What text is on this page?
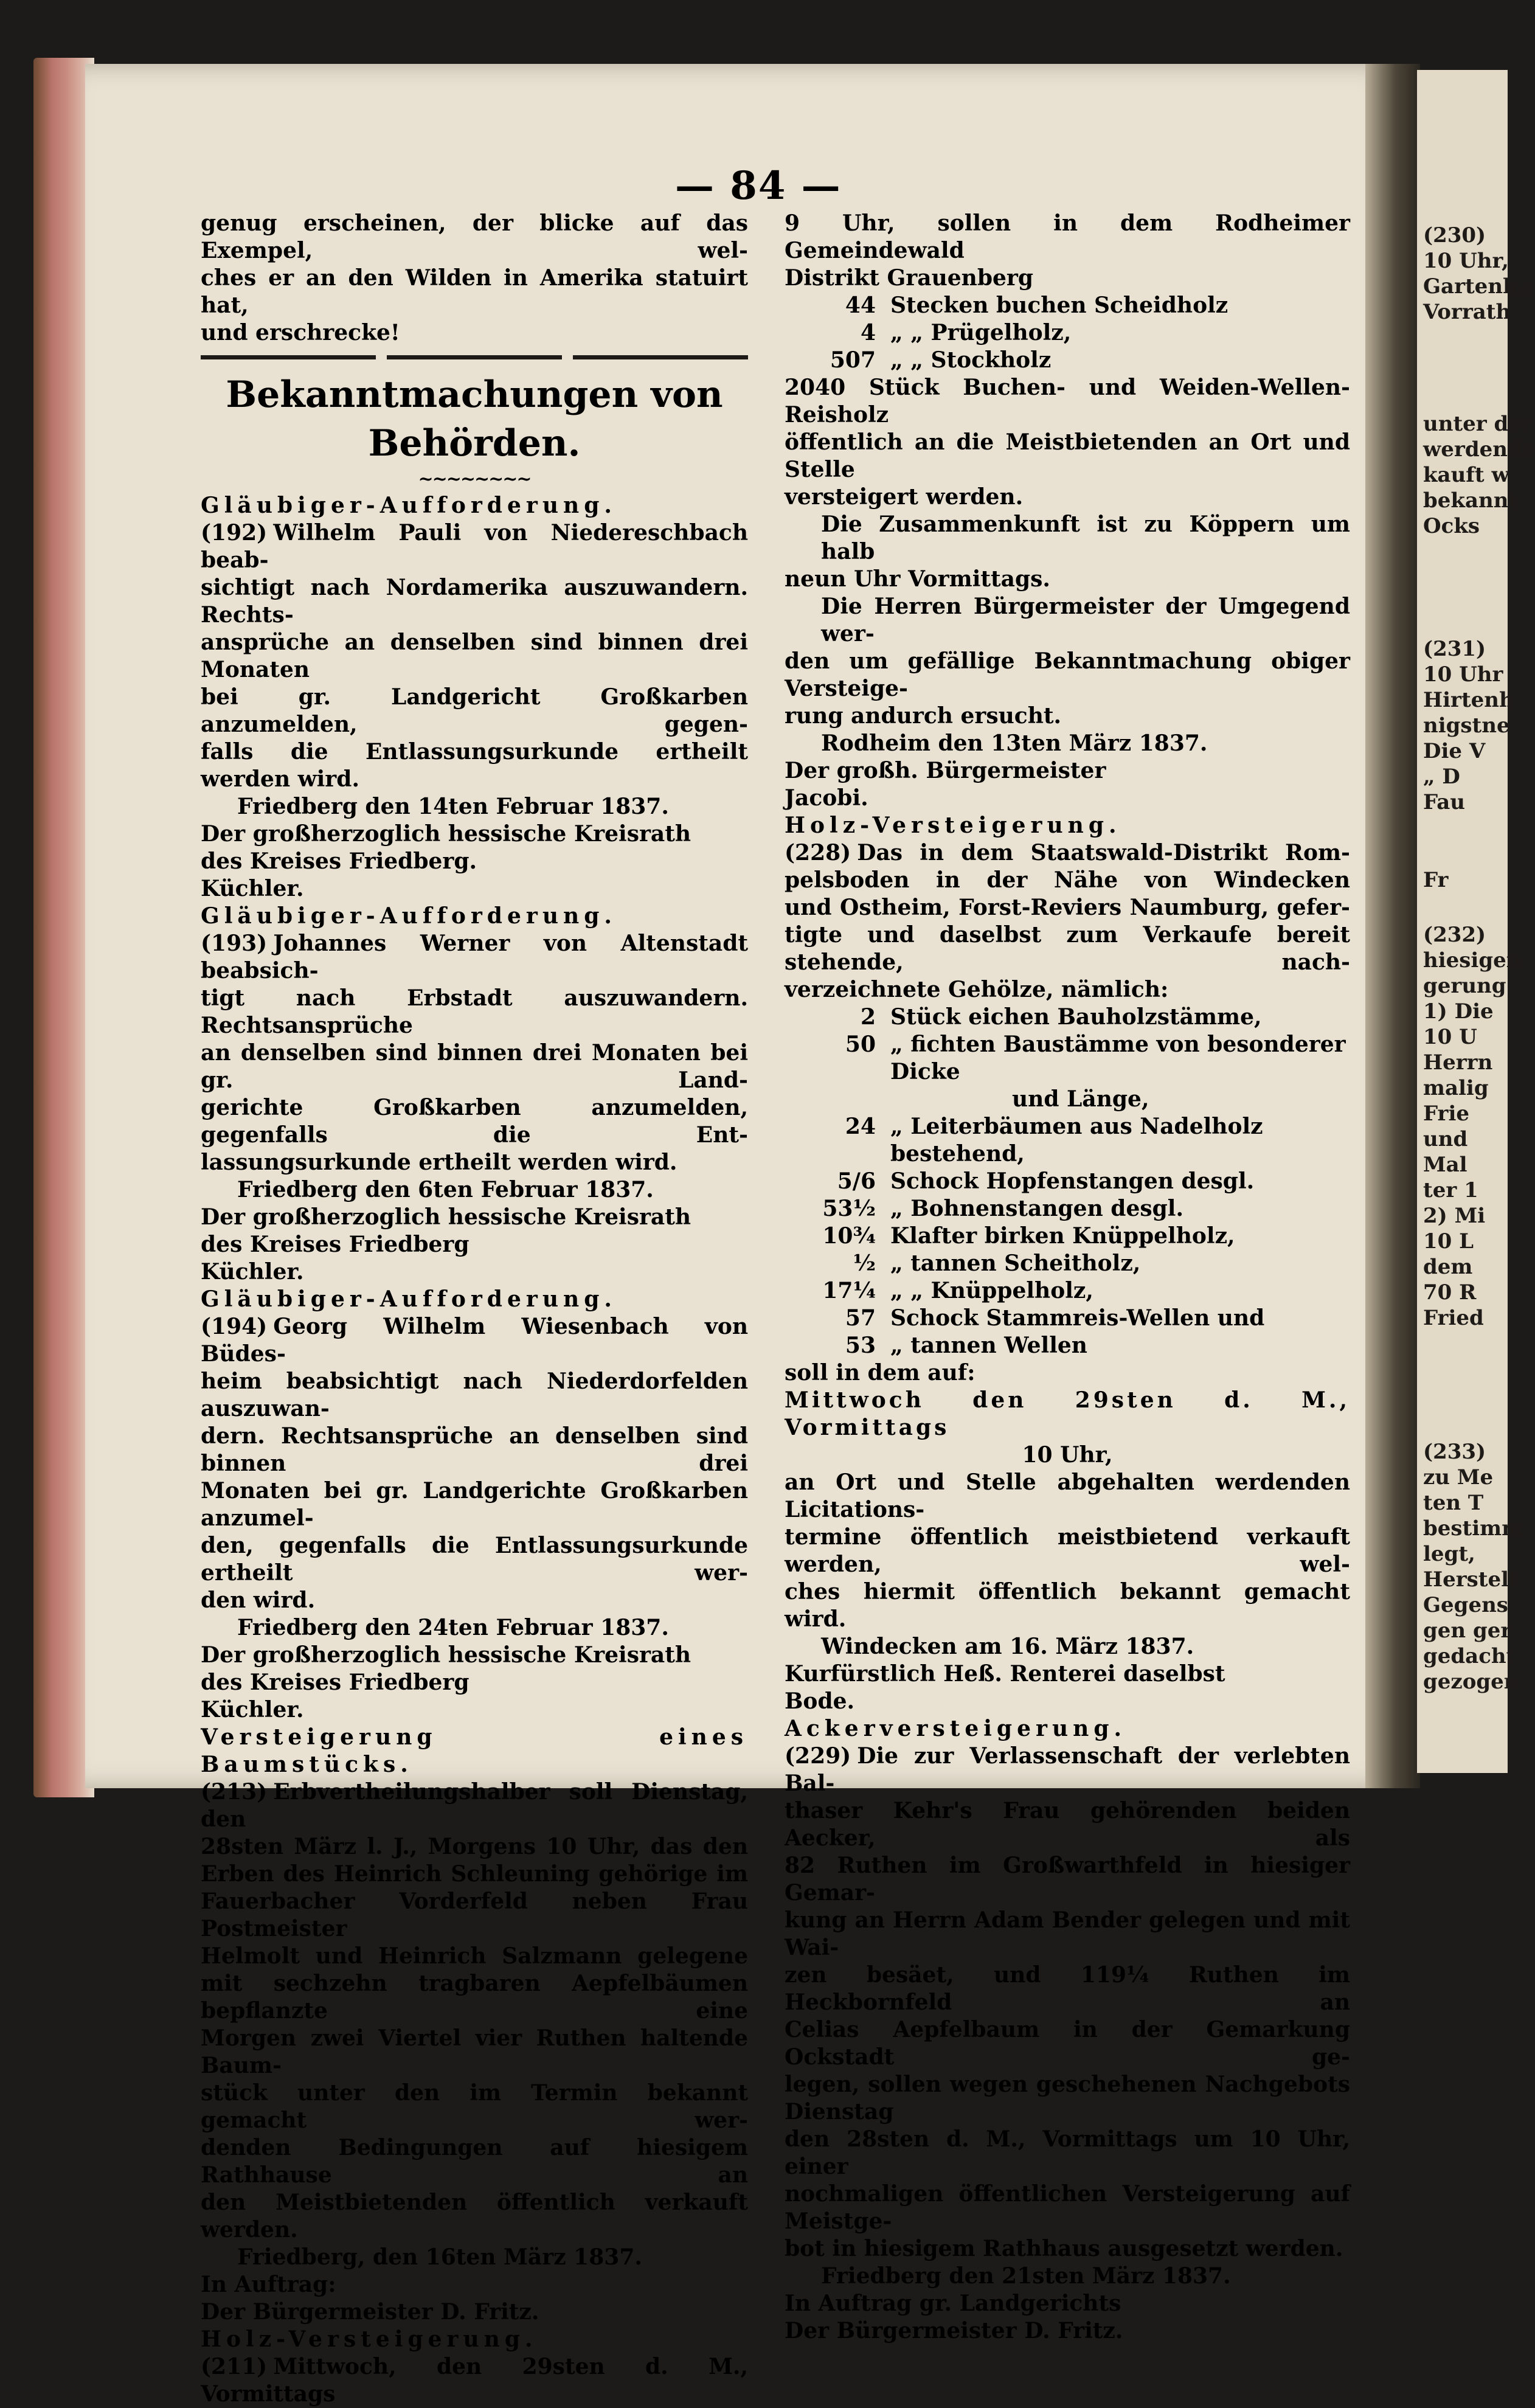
— 84 —

genug erscheinen, der blicke auf das Exempel, wel-

ches er an den Wilden in Amerika statuirt hat,

und erschrecke!

Bekanntmachungen von Behörden.
~~~~~~~~

Gläubiger-Aufforderung.

(192) Wilhelm Pauli von Niedereschbach beab-

sichtigt nach Nordamerika auszuwandern. Rechts-

ansprüche an denselben sind binnen drei Monaten

bei gr. Landgericht Großkarben anzumelden, gegen-

falls die Entlassungsurkunde ertheilt werden wird.

Friedberg den 14ten Februar 1837.

Der großherzoglich hessische Kreisrath

des Kreises Friedberg.

Küchler.

Gläubiger-Aufforderung.

(193) Johannes Werner von Altenstadt beabsich-

tigt nach Erbstadt auszuwandern. Rechtsansprüche

an denselben sind binnen drei Monaten bei gr. Land-

gerichte Großkarben anzumelden, gegenfalls die Ent-

lassungsurkunde ertheilt werden wird.

Friedberg den 6ten Februar 1837.

Der großherzoglich hessische Kreisrath

des Kreises Friedberg

Küchler.

Gläubiger-Aufforderung.

(194) Georg Wilhelm Wiesenbach von Büdes-

heim beabsichtigt nach Niederdorfelden auszuwan-

dern. Rechtsansprüche an denselben sind binnen drei

Monaten bei gr. Landgerichte Großkarben anzumel-

den, gegenfalls die Entlassungsurkunde ertheilt wer-

den wird.

Friedberg den 24ten Februar 1837.

Der großherzoglich hessische Kreisrath

des Kreises Friedberg

Küchler.

Versteigerung eines Baumstücks.

(213) Erbvertheilungshalber soll Dienstag, den

28sten März l. J., Morgens 10 Uhr, das den

Erben des Heinrich Schleuning gehörige im

Fauerbacher Vorderfeld neben Frau Postmeister

Helmolt und Heinrich Salzmann gelegene

mit sechzehn tragbaren Aepfelbäumen bepflanzte eine

Morgen zwei Viertel vier Ruthen haltende Baum-

stück unter den im Termin bekannt gemacht wer-

denden Bedingungen auf hiesigem Rathhause an

den Meistbietenden öffentlich verkauft werden.

Friedberg, den 16ten März 1837.

In Auftrag:

Der Bürgermeister D. Fritz.

Holz-Versteigerung.

(211) Mittwoch, den 29sten d. M., Vormittags

9 Uhr, sollen in dem Rodheimer Gemeindewald

Distrikt Grauenberg

44 Stecken buchen Scheidholz
4 „ „ Prügelholz,
507 „ „ Stockholz

2040 Stück Buchen- und Weiden-Wellen-Reisholz

öffentlich an die Meistbietenden an Ort und Stelle

versteigert werden.

Die Zusammenkunft ist zu Köppern um halb

neun Uhr Vormittags.

Die Herren Bürgermeister der Umgegend wer-

den um gefällige Bekanntmachung obiger Versteige-

rung andurch ersucht.

Rodheim den 13ten März 1837.

Der großh. Bürgermeister

Jacobi.

Holz-Versteigerung.

(228) Das in dem Staatswald-Distrikt Rom-

pelsboden in der Nähe von Windecken

und Ostheim, Forst-Reviers Naumburg, gefer-

tigte und daselbst zum Verkaufe bereit stehende, nach-

verzeichnete Gehölze, nämlich:

2 Stück eichen Bauholzstämme,
50 „ fichten Baustämme von besonderer Dicke
und Länge,
24 „ Leiterbäumen aus Nadelholz bestehend,
5/6 Schock Hopfenstangen desgl.
53½ „ Bohnenstangen desgl.
10¾ Klafter birken Knüppelholz,
½ „ tannen Scheitholz,
17¼ „ „ Knüppelholz,
57 Schock Stammreis-Wellen und
53 „ tannen Wellen

soll in dem auf:

Mittwoch den 29sten d. M., Vormittags

10 Uhr,

an Ort und Stelle abgehalten werdenden Licitations-

termine öffentlich meistbietend verkauft werden, wel-

ches hiermit öffentlich bekannt gemacht wird.

Windecken am 16. März 1837.

Kurfürstlich Heß. Renterei daselbst

Bode.

Ackerversteigerung.

(229) Die zur Verlassenschaft der verlebten Bal-

thaser Kehr's Frau gehörenden beiden Aecker, als

82 Ruthen im Großwarthfeld in hiesiger Gemar-

kung an Herrn Adam Bender gelegen und mit Wai-

zen besäet, und 119¼ Ruthen im Heckbornfeld an

Celias Aepfelbaum in der Gemarkung Ockstadt ge-

legen, sollen wegen geschehenen Nachgebots Dienstag

den 28sten d. M., Vormittags um 10 Uhr, einer

nochmaligen öffentlichen Versteigerung auf Meistge-

bot in hiesigem Rathhaus ausgesetzt werden.

Friedberg den 21sten März 1837.

In Auftrag gr. Landgerichts

Der Bürgermeister D. Fritz.

(230)
10 Uhr,
Gartenha
Vorrath
unter der
werdende
kauft w
bekannt
Ocks
(231)
10 Uhr
Hirtenh
nigstne
Die V
„ D
Fau
Fr
(232)
hiesigen
gerung
1) Die
10 U
Herrn
malig
Frie
und
Mal
ter 1
2) Mi
10 L
dem
70 R
Fried
(233)
zu Me
ten T
bestimm
legt,
Herstell
Gegens
gen ger
gedacht
gezogen
